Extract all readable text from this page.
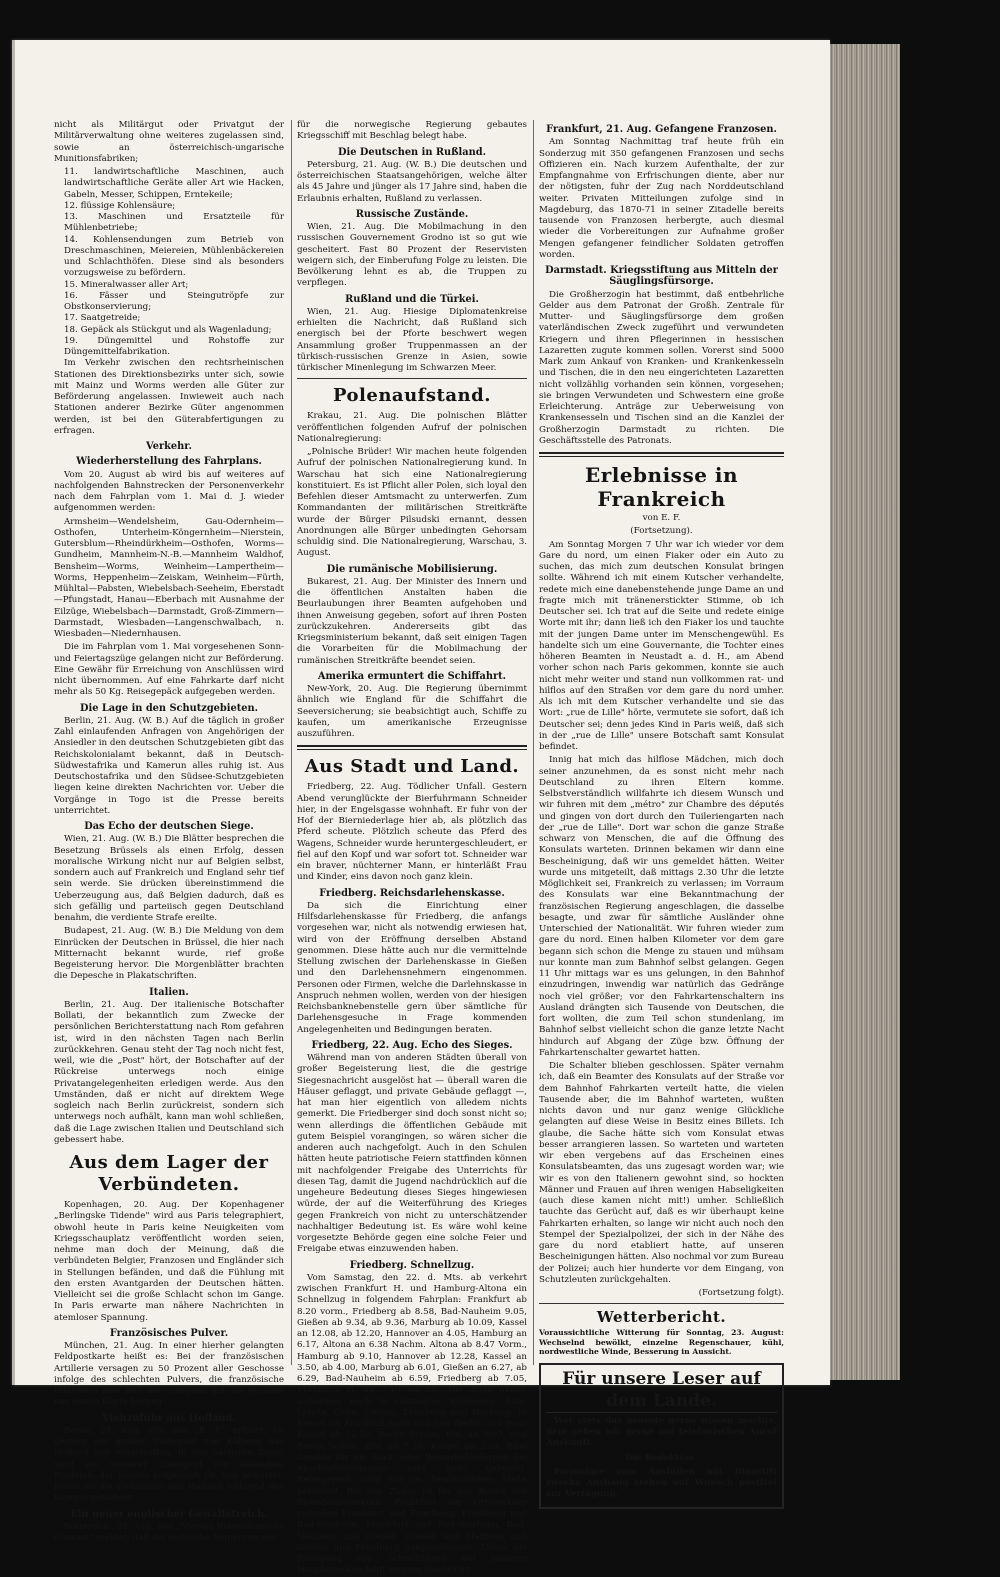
nicht als Militärgut oder Privatgut der Militärverwaltung ohne weiteres zugelassen sind, sowie an österreichisch-ungarische Munitionsfabriken;

11. landwirtschaftliche Maschinen, auch landwirtschaftliche Geräte aller Art wie Hacken, Gabeln, Messer, Schippen, Erntekeile;

12. flüssige Kohlensäure;

13. Maschinen und Ersatzteile für Mühlenbetriebe;

14. Kohlensendungen zum Betrieb von Dreschmaschinen, Meiereien, Mühlenbäckereien und Schlachthöfen. Diese sind als besonders vorzugsweise zu befördern.

15. Mineralwasser aller Art;

16. Fässer und Steingutröpfe zur Obstkonservierung;

17. Saatgetreide;

18. Gepäck als Stückgut und als Wagenladung;

19. Düngemittel und Rohstoffe zur Düngemittelfabrikation.

Im Verkehr zwischen den rechtsrheinischen Stationen des Direktionsbezirks unter sich, sowie mit Mainz und Worms werden alle Güter zur Beförderung angelassen. Inwieweit auch nach Stationen anderer Bezirke Güter angenommen werden, ist bei den Güterabfertigungen zu erfragen.

Verkehr.
Wiederherstellung des Fahrplans.

Vom 20. August ab wird bis auf weiteres auf nachfolgenden Bahnstrecken der Personenverkehr nach dem Fahrplan vom 1. Mai d. J. wieder aufgenommen werden:

Armsheim—Wendelsheim, Gau-Odernheim—Osthofen, Unterheim-Köngernheim—Nierstein, Gutersblum—Rheindürkheim—Osthofen, Worms—Gundheim, Mannheim-N.-B.—Mannheim Waldhof, Bensheim—Worms, Weinheim—Lampertheim—Worms, Heppenheim—Zeiskam, Weinheim—Fürth, Mühltal—Pabsten, Wiebelsbach-Seeheim, Eberstadt—Pfungstadt, Hanau—Eberbach mit Ausnahme der Eilzüge, Wiebelsbach—Darmstadt, Groß-Zimmern—Darmstadt, Wiesbaden—Langenschwalbach, n. Wiesbaden—Niedernhausen.

Die im Fahrplan vom 1. Mai vorgesehenen Sonn- und Feiertagszüge gelangen nicht zur Beförderung. Eine Gewähr für Erreichung von Anschlüssen wird nicht übernommen. Auf eine Fahrkarte darf nicht mehr als 50 Kg. Reisegepäck aufgegeben werden.

Die Lage in den Schutzgebieten.

Berlin, 21. Aug. (W. B.) Auf die täglich in großer Zahl einlaufenden Anfragen von Angehörigen der Ansiedler in den deutschen Schutzgebieten gibt das Reichskolonialamt bekannt, daß in Deutsch-Südwestafrika und Kamerun alles ruhig ist. Aus Deutschostafrika und den Südsee-Schutzgebieten liegen keine direkten Nachrichten vor. Ueber die Vorgänge in Togo ist die Presse bereits unterrichtet.

Das Echo der deutschen Siege.

Wien, 21. Aug. (W. B.) Die Blätter besprechen die Besetzung Brüssels als einen Erfolg, dessen moralische Wirkung nicht nur auf Belgien selbst, sondern auch auf Frankreich und England sehr tief sein werde. Sie drücken übereinstimmend die Ueberzeugung aus, daß Belgien dadurch, daß es sich gefällig und parteiisch gegen Deutschland benahm, die verdiente Strafe ereilte.

Budapest, 21. Aug. (W. B.) Die Meldung von dem Einrücken der Deutschen in Brüssel, die hier nach Mitternacht bekannt wurde, rief große Begeisterung hervor. Die Morgenblätter brachten die Depesche in Plakatschriften.

Italien.

Berlin, 21. Aug. Der italienische Botschafter Bollati, der bekanntlich zum Zwecke der persönlichen Berichterstattung nach Rom gefahren ist, wird in den nächsten Tagen nach Berlin zurückkehren. Genau steht der Tag noch nicht fest, weil, wie die „Post" hört, der Botschafter auf der Rückreise unterwegs noch einige Privatangelegenheiten erledigen werde. Aus den Umständen, daß er nicht auf direktem Wege sogleich nach Berlin zurückreist, sondern sich unterwegs noch aufhält, kann man wohl schließen, daß die Lage zwischen Italien und Deutschland sich gebessert habe.

Aus dem Lager der Verbündeten.

Kopenhagen, 20. Aug. Der Kopenhagener „Berlingske Tidende" wird aus Paris telegraphiert, obwohl heute in Paris keine Neuigkeiten vom Kriegsschauplatz veröffentlicht worden seien, nehme man doch der Meinung, daß die verbündeten Belgier, Franzosen und Engländer sich in Stellungen befänden, und daß die Fühlung mit den ersten Avantgarden der Deutschen hätten. Vielleicht sei die große Schlacht schon im Gange. In Paris erwarte man nähere Nachrichten in atemloser Spannung.

Französisches Pulver.

München, 21. Aug. In einer hierher gelangten Feldpostkarte heißt es: Bei der französischen Artillerie versagen zu 50 Prozent aller Geschosse infolge des schlechten Pulvers, die französische Infanterie aber zielt hervorragend gut; sie versteht nur einige Köpfe hinweg.

Viehzufuhr aus Holland.

Berlin, 21. Aug. Wie das „B. T." erfährt, ist gestern ein großer Transport von Kälbern aus Holland hier eingetroffen. In den nächsten Tagen wird ein weiterer Transport von lebendem Rindvieh, der bereits aufgekauft ist, hier erwartet. Damit ist die Viehzufuhr aus Holland während des Krieges gesichert.

Ein neuer englischer Gewaltstreich.

Rotterdam, 21. Aug. Der „Nieuwe Rotterdamsche Courant" meldet, daß die englische Regierung ein

für die norwegische Regierung gebautes Kriegsschiff mit Beschlag belegt habe.

Die Deutschen in Rußland.

Petersburg, 21. Aug. (W. B.) Die deutschen und österreichischen Staatsangehörigen, welche älter als 45 Jahre und jünger als 17 Jahre sind, haben die Erlaubnis erhalten, Rußland zu verlassen.

Russische Zustände.

Wien, 21. Aug. Die Mobilmachung in den russischen Gouvernement Grodno ist so gut wie gescheitert. Fast 80 Prozent der Reservisten weigern sich, der Einberufung Folge zu leisten. Die Bevölkerung lehnt es ab, die Truppen zu verpflegen.

Rußland und die Türkei.

Wien, 21. Aug. Hiesige Diplomatenkreise erhielten die Nachricht, daß Rußland sich energisch bei der Pforte beschwert wegen Ansammlung großer Truppenmassen an der türkisch-russischen Grenze in Asien, sowie türkischer Minenlegung im Schwarzen Meer.

Polenaufstand.

Krakau, 21. Aug. Die polnischen Blätter veröffentlichen folgenden Aufruf der polnischen Nationalregierung:

„Polnische Brüder! Wir machen heute folgenden Aufruf der polnischen Nationalregierung kund. In Warschau hat sich eine Nationalregierung konstituiert. Es ist Pflicht aller Polen, sich loyal den Befehlen dieser Amtsmacht zu unterwerfen. Zum Kommandanten der militärischen Streitkräfte wurde der Bürger Pilsudski ernannt, dessen Anordnungen alle Bürger unbedingten Gehorsam schuldig sind. Die Nationalregierung, Warschau, 3. August.

Die rumänische Mobilisierung.

Bukarest, 21. Aug. Der Minister des Innern und die öffentlichen Anstalten haben die Beurlaubungen ihrer Beamten aufgehoben und ihnen Anweisung gegeben, sofort auf ihren Posten zurückzukehren. Andererseits gibt das Kriegsministerium bekannt, daß seit einigen Tagen die Vorarbeiten für die Mobilmachung der rumänischen Streitkräfte beendet seien.

Amerika ermuntert die Schiffahrt.

New-York, 20. Aug. Die Regierung übernimmt ähnlich wie England für die Schiffahrt die Seeversicherung; sie beabsichtigt auch, Schiffe zu kaufen, um amerikanische Erzeugnisse auszuführen.

Aus Stadt und Land.

Friedberg, 22. Aug. Tödlicher Unfall. Gestern Abend verunglückte der Bierfuhrmann Schneider hier, in der Engelsgasse wohnhaft. Er fuhr von der Hof der Bierniederlage hier ab, als plötzlich das Pferd scheute. Plötzlich scheute das Pferd des Wagens, Schneider wurde heruntergeschleudert, er fiel auf den Kopf und war sofort tot. Schneider war ein braver, nüchterner Mann, er hinterläßt Frau und Kinder, eins davon noch ganz klein.

Friedberg. Reichsdarlehenskasse.

Da sich die Einrichtung einer Hilfsdarlehenskasse für Friedberg, die anfangs vorgesehen war, nicht als notwendig erwiesen hat, wird von der Eröffnung derselben Abstand genommen. Diese hätte auch nur die vermittelnde Stellung zwischen der Darlehenskasse in Gießen und den Darlehensnehmern eingenommen. Personen oder Firmen, welche die Darlehnskasse in Anspruch nehmen wollen, werden von der hiesigen Reichsbanknebenstelle gern über sämtliche für Darlehensgesuche in Frage kommenden Angelegenheiten und Bedingungen beraten.

Friedberg, 22. Aug. Echo des Sieges.

Während man von anderen Städten überall von großer Begeisterung liest, die die gestrige Siegesnachricht ausgelöst hat — überall waren die Häuser geflaggt, und private Gebäude geflaggt —, hat man hier eigentlich von alledem nichts gemerkt. Die Friedberger sind doch sonst nicht so; wenn allerdings die öffentlichen Gebäude mit gutem Beispiel vorangingen, so wären sicher die anderen auch nachgefolgt. Auch in den Schulen hätten heute patriotische Feiern stattfinden können mit nachfolgender Freigabe des Unterrichts für diesen Tag, damit die Jugend nachdrücklich auf die ungeheure Bedeutung dieses Sieges hingewiesen würde, der auf die Weiterführung des Krieges gegen Frankreich von nicht zu unterschätzender nachhaltiger Bedeutung ist. Es wäre wohl keine vorgesetzte Behörde gegen eine solche Feier und Freigabe etwas einzuwenden haben.

Friedberg. Schnellzug.

Vom Samstag, den 22. d. Mts. ab verkehrt zwischen Frankfurt H. und Hamburg-Altona ein Schnellzug in folgendem Fahrplan: Frankfurt ab 8.20 vorm., Friedberg ab 8.58, Bad-Nauheim 9.05, Gießen ab 9.34, ab 9.36, Marburg ab 10.09, Kassel an 12.08, ab 12.20, Hannover an 4.05, Hamburg an 6.17, Altona an 6.38 Nachm. Altona ab 8.47 Vorm., Hamburg ab 9.10, Hannover ab 12.28, Kassel an 3.50, ab 4.00, Marburg ab 6.01, Gießen an 6.27, ab 6.29, Bad-Nauheim ab 6.59, Friedberg ab 7.05, Frankfurt H. an 7.40 Nachm. Die Züge halten außerdem noch in Göttingen, Kreiensen, Elze, Lehrte, Celle, Uelzen, Lüneburg und Harburg. In Kassel ist Anschluß nach und von Berlin und zwar Kassel ab 12.50, Berlin Schles. Bhf. an 9.07, und Berlin Schles. Bhf. ab 7.25, Kassel an 2.24. Eine Gewähr für die Rück- oder Weiterbeförderung bei Anschlußversäumnis wird nicht geleistet. Reisegepäck wird nur im beschränktem Maße befördert. Bei den Zügen ist für den Bezirk der Eisenbahndirektion Frankfurt der Ortsverkehr zwischen Frankfurt und Friedberg, Friedberg und Bad-Nauheim, Frankfurt und Bad-Nauheim, Bad-Nauheim und Gießen, Gießen und Marburg und Gießen und Friedberg ausgeschlossen. Ueber die Einlegung von Schnellzügen auf anderen Hauptstrecken folgt weitere Nachricht.

Frankfurt, 21. Aug. Gefangene Franzosen.

Am Sonntag Nachmittag traf heute früh ein Sonderzug mit 350 gefangenen Franzosen und sechs Offizieren ein. Nach kurzem Aufenthalte, der zur Empfangnahme von Erfrischungen diente, aber nur der nötigsten, fuhr der Zug nach Norddeutschland weiter. Privaten Mitteilungen zufolge sind in Magdeburg, das 1870-71 in seiner Zitadelle bereits tausende von Franzosen herbergte, auch diesmal wieder die Vorbereitungen zur Aufnahme großer Mengen gefangener feindlicher Soldaten getroffen worden.

Darmstadt. Kriegsstiftung aus Mitteln der Säuglingsfürsorge.

Die Großherzogin hat bestimmt, daß entbehrliche Gelder aus dem Patronat der Großh. Zentrale für Mutter- und Säuglingsfürsorge dem großen vaterländischen Zweck zugeführt und verwundeten Kriegern und ihren Pflegerinnen in hessischen Lazaretten zugute kommen sollen. Vorerst sind 5000 Mark zum Ankauf von Kranken- und Krankenkesseln und Tischen, die in den neu eingerichteten Lazaretten nicht vollzählig vorhanden sein können, vorgesehen; sie bringen Verwundeten und Schwestern eine große Erleichterung. Anträge zur Ueberweisung von Krankensesseln und Tischen sind an die Kanzlei der Großherzogin Darmstadt zu richten. Die Geschäftsstelle des Patronats.

Erlebnisse in Frankreich

von E. F.

(Fortsetzung).

Am Sonntag Morgen 7 Uhr war ich wieder vor dem Gare du nord, um einen Fiaker oder ein Auto zu suchen, das mich zum deutschen Konsulat bringen sollte. Während ich mit einem Kutscher verhandelte, redete mich eine danebenstehende junge Dame an und fragte mich mit tränenerstickter Stimme, ob ich Deutscher sei. Ich trat auf die Seite und redete einige Worte mit ihr; dann ließ ich den Fiaker los und tauchte mit der jungen Dame unter im Menschengewühl. Es handelte sich um eine Gouvernante, die Tochter eines höheren Beamten in Neustadt a. d. H., am Abend vorher schon nach Paris gekommen, konnte sie auch nicht mehr weiter und stand nun vollkommen rat- und hilflos auf den Straßen vor dem gare du nord umher. Als ich mit dem Kutscher verhandelte und sie das Wort: „rue de Lille" hörte, vermutete sie sofort, daß ich Deutscher sei; denn jedes Kind in Paris weiß, daß sich in der „rue de Lille" unsere Botschaft samt Konsulat befindet.

Innig hat mich das hilflose Mädchen, mich doch seiner anzunehmen, da es sonst nicht mehr nach Deutschland zu ihren Eltern komme. Selbstverständlich willfahrte ich diesem Wunsch und wir fuhren mit dem „métro" zur Chambre des députés und gingen von dort durch den Tuileriengarten nach der „rue de Lille". Dort war schon die ganze Straße schwarz von Menschen, die auf die Öffnung des Konsulats warteten. Drinnen bekamen wir dann eine Bescheinigung, daß wir uns gemeldet hätten. Weiter wurde uns mitgeteilt, daß mittags 2.30 Uhr die letzte Möglichkeit sei, Frankreich zu verlassen; im Vorraum des Konsulats war eine Bekanntmachung der französischen Regierung angeschlagen, die dasselbe besagte, und zwar für sämtliche Ausländer ohne Unterschied der Nationalität. Wir fuhren wieder zum gare du nord. Einen halben Kilometer vor dem gare begann sich schon die Menge zu stauen und mühsam nur konnte man zum Bahnhof selbst gelangen. Gegen 11 Uhr mittags war es uns gelungen, in den Bahnhof einzudringen, inwendig war natürlich das Gedränge noch viel größer; vor den Fahrkartenschaltern ins Ausland drängten sich Tausende von Deutschen, die fort wollten, die zum Teil schon stundenlang, im Bahnhof selbst vielleicht schon die ganze letzte Nacht hindurch auf Abgang der Züge bzw. Öffnung der Fahrkartenschalter gewartet hatten.

Die Schalter blieben geschlossen. Später vernahm ich, daß ein Beamter des Konsulats auf der Straße vor dem Bahnhof Fahrkarten verteilt hatte, die vielen Tausende aber, die im Bahnhof warteten, wußten nichts davon und nur ganz wenige Glückliche gelangten auf diese Weise in Besitz eines Billets. Ich glaube, die Sache hätte sich vom Konsulat etwas besser arrangieren lassen. So warteten und warteten wir eben vergebens auf das Erscheinen eines Konsulatsbeamten, das uns zugesagt worden war; wie wir es von den Italienern gewohnt sind, so hockten Männer und Frauen auf ihren wenigen Habseligkeiten (auch diese kamen nicht mit!) umher. Schließlich tauchte das Gerücht auf, daß es wir überhaupt keine Fahrkarten erhalten, so lange wir nicht auch noch den Stempel der Spezialpolizei, der sich in der Nähe des gare du nord etabliert hatte, auf unseren Bescheinigungen hätten. Also nochmal vor zum Bureau der Polizei; auch hier hunderte vor dem Eingang, von Schutzleuten zurückgehalten.

(Fortsetzung folgt).

Wetterbericht.

Voraussichtliche Witterung für Sonntag, 23. August: Wechselnd bewölkt, einzelne Regenschauer, kühl, nordwestliche Winde, Besserung in Aussicht.

Für unsere Leser auf dem Lande.

Wer stets das neueste gerne wissen möchte, dem geben wir gerne auf telefonischen Anruf Auskunft.

Die Redaktion.

Formulare zum Ausfüllen mit Blaustift zwecks Aushang stehen auf Wunsch postfrei zur Verfügung.
